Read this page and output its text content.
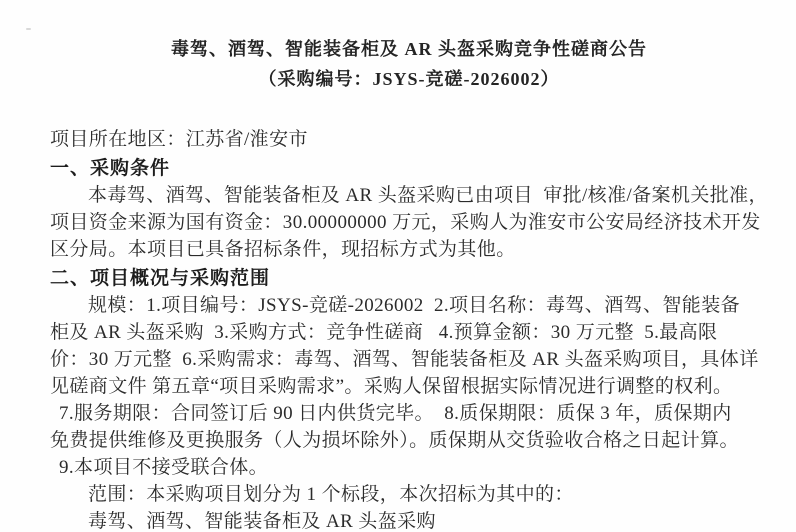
毒驾、酒驾、智能装备柜及 AR 头盔采购竞争性磋商公告
（采购编号：JSYS-竞磋-2026002）
项目所在地区：江苏省/淮安市
一、采购条件
本毒驾、酒驾、智能装备柜及 AR 头盔采购已由项目  审批/核准/备案机关批准，
项目资金来源为国有资金：30.00000000 万元，采购人为淮安市公安局经济技术开发
区分局。本项目已具备招标条件，现招标方式为其他。
二、项目概况与采购范围
规模：1.项目编号：JSYS-竞磋-2026002  2.项目名称：毒驾、酒驾、智能装备
柜及 AR 头盔采购  3.采购方式：竞争性磋商   4.预算金额：30 万元整  5.最高限
价：30 万元整  6.采购需求：毒驾、酒驾、智能装备柜及 AR 头盔采购项目，具体详
见磋商文件 第五章“项目采购需求”。采购人保留根据实际情况进行调整的权利。
7.服务期限：合同签订后 90 日内供货完毕。  8.质保期限：质保 3 年，质保期内
免费提供维修及更换服务（人为损坏除外）。质保期从交货验收合格之日起计算。
9.本项目不接受联合体。
范围：本采购项目划分为 1 个标段，本次招标为其中的：
毒驾、酒驾、智能装备柜及 AR 头盔采购
